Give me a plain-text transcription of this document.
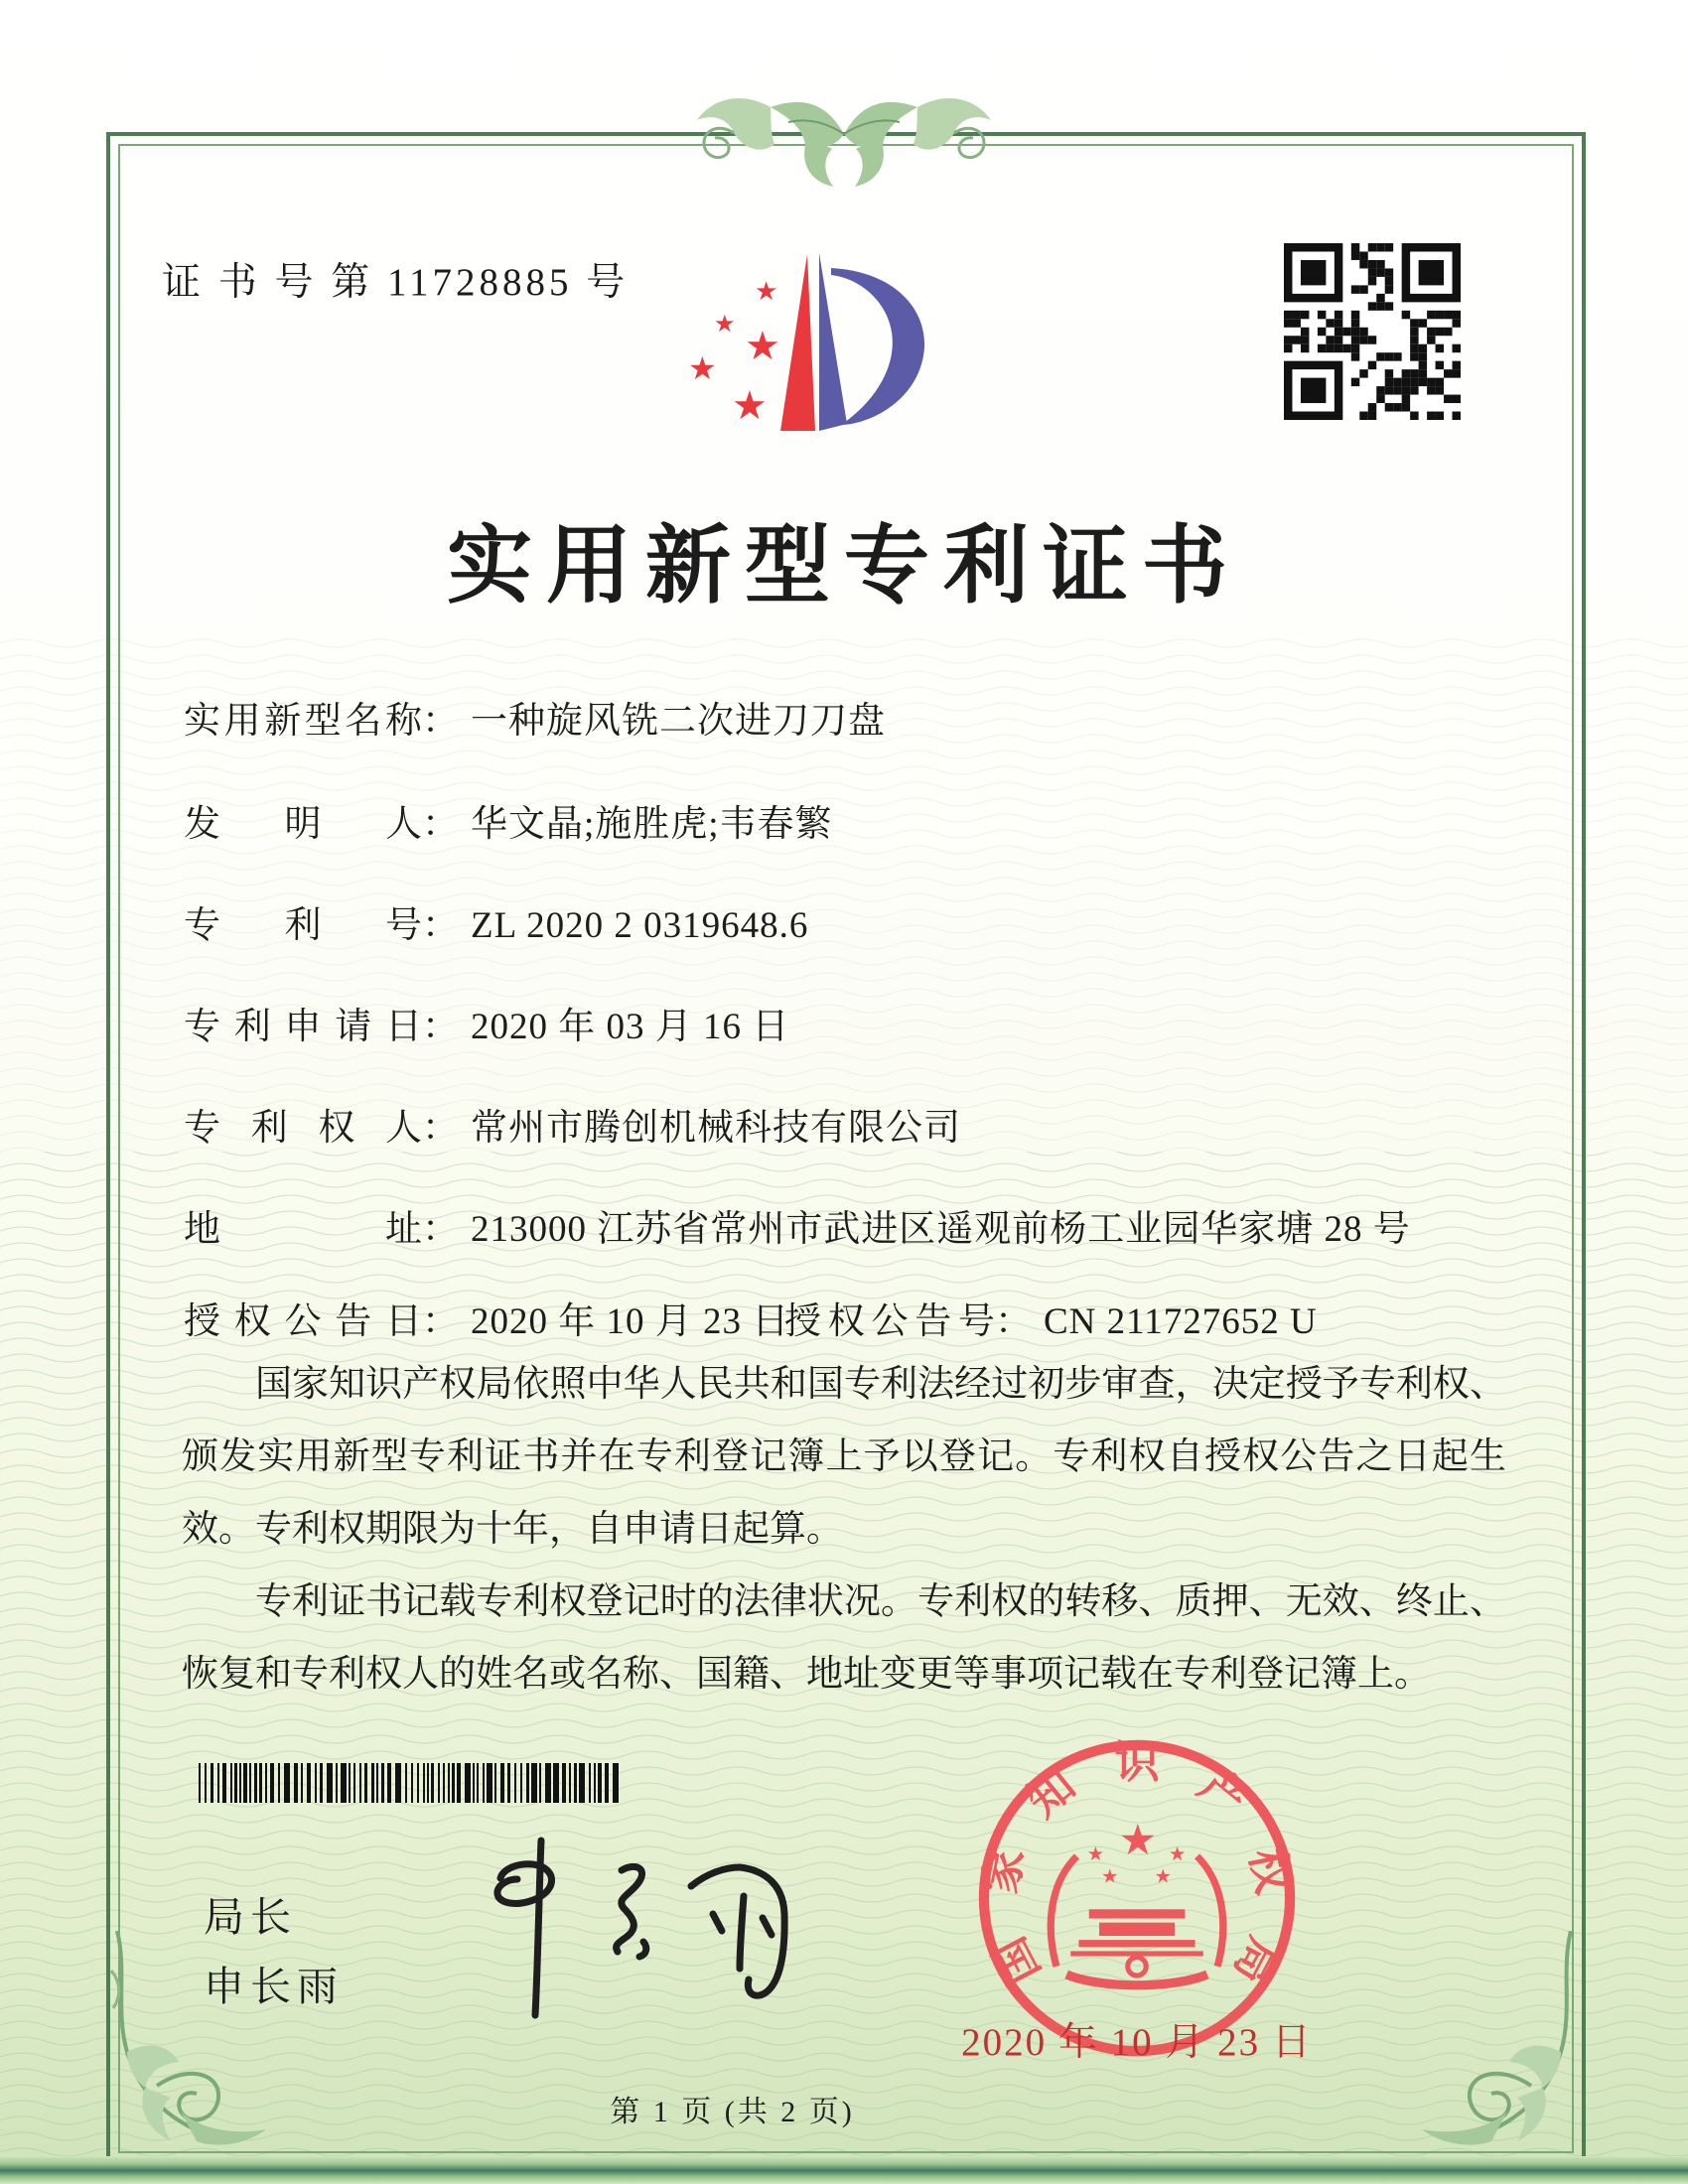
证 书 号 第 11728885 号	★
★ ★
★
★
实用新型专利证书
实用新型名称： 一种旋风铣二次进刀刀盘
发明人： 华文晶;施胜虎;韦春繁
专利号： ZL 2020 2 0319648.6
专利申请日： 2020 年 03 月 16 日
专利权人： 常州市腾创机械科技有限公司
地址： 213000 江苏省常州市武进区遥观前杨工业园华家塘 28 号
授权公告日： 2020 年 10 月 23 日
授权公告号： CN 211727652 U

国家知识产权局依照中华人民共和国专利法经过初步审查，决定授予专利权、颁发实用新型专利证书并在专利登记簿上予以登记。专利权自授权公告之日起生效。专利权期限为十年，自申请日起算。

专利证书记载专利权登记时的法律状况。专利权的转移、质押、无效、终止、恢复和专利权人的姓名或名称、国籍、地址变更等事项记载在专利登记簿上。

局长
申长雨	国家知识产权局
★
★	★
★ ★
2020 年 10 月 23 日
第 1 页 (共 2 页)
